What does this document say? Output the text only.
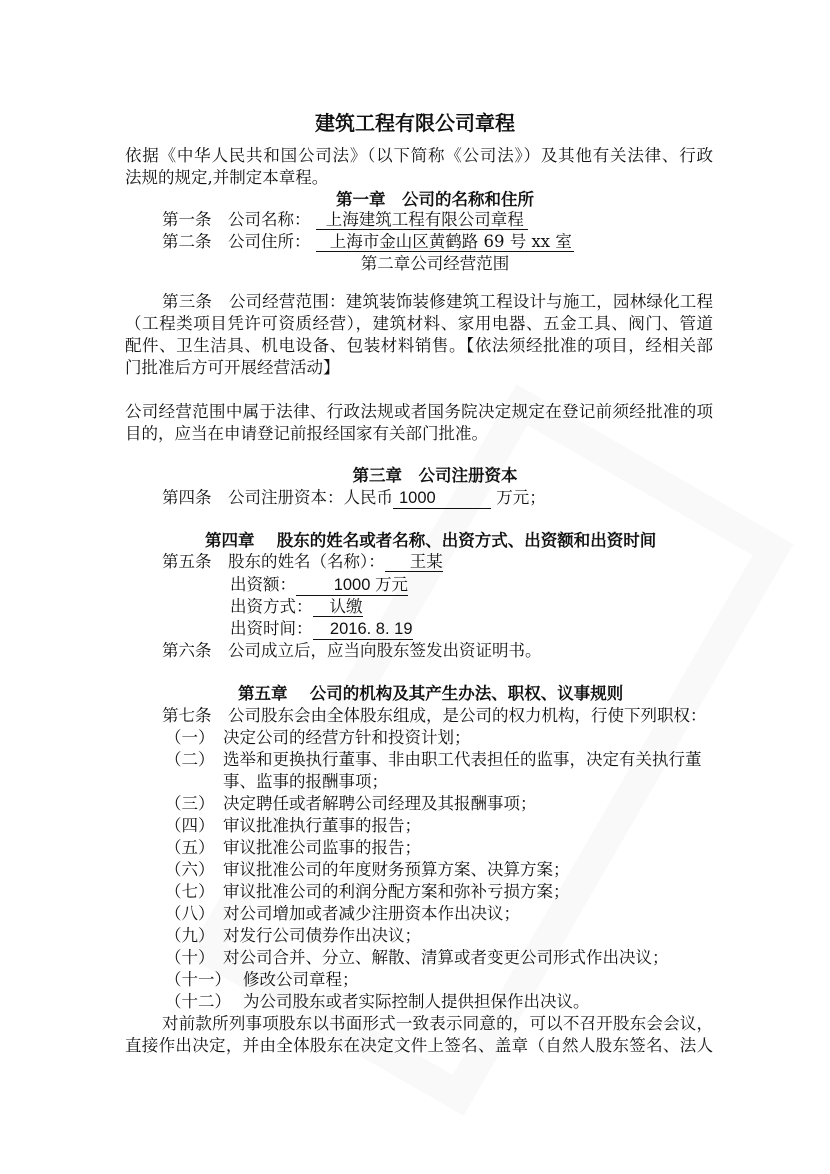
建筑工程有限公司章程
依据《中华人民共和国公司法》（以下简称《公司法》）及其他有关法律、行政
法规的规定,并制定本章程。
第一章　公司的名称和住所
第一条　公司名称： 上海建筑工程有限公司章程
第二条　公司住所： 上海市金山区黄鹤路 69 号 xx 室
第二章公司经营范围
第三条　公司经营范围：建筑装饰装修建筑工程设计与施工，园林绿化工程
（工程类项目凭许可资质经营），建筑材料、家用电器、五金工具、阀门、管道
配件、卫生洁具、机电设备、包装材料销售。【依法须经批准的项目，经相关部
门批准后方可开展经营活动】
公司经营范围中属于法律、行政法规或者国务院决定规定在登记前须经批准的项
目的，应当在申请登记前报经国家有关部门批准。
第三章　公司注册资本
第四条　公司注册资本：人民币 1000	万元；
第四章　 股东的姓名或者名称、出资方式、出资额和出资时间
第五条　股东的姓名（名称）： 王某
出资额： 1000 万元
出资方式： 认缴
出资时间： 2016. 8. 19
第六条　公司成立后，应当向股东签发出资证明书。
第五章　 公司的机构及其产生办法、职权、议事规则
第七条　公司股东会由全体股东组成，是公司的权力机构，行使下列职权：
（一） 决定公司的经营方针和投资计划；
（二） 选举和更换执行董事、非由职工代表担任的监事，决定有关执行董
事、监事的报酬事项；
（三） 决定聘任或者解聘公司经理及其报酬事项；
（四） 审议批准执行董事的报告；
（五） 审议批准公司监事的报告；
（六） 审议批准公司的年度财务预算方案、决算方案；
（七） 审议批准公司的利润分配方案和弥补亏损方案；
（八） 对公司增加或者减少注册资本作出决议；
（九） 对发行公司债券作出决议；
（十） 对公司合并、分立、解散、清算或者变更公司形式作出决议；
（十一） 修改公司章程；
（十二） 为公司股东或者实际控制人提供担保作出决议。
对前款所列事项股东以书面形式一致表示同意的，可以不召开股东会会议，
直接作出决定，并由全体股东在决定文件上签名、盖章（自然人股东签名、法人
